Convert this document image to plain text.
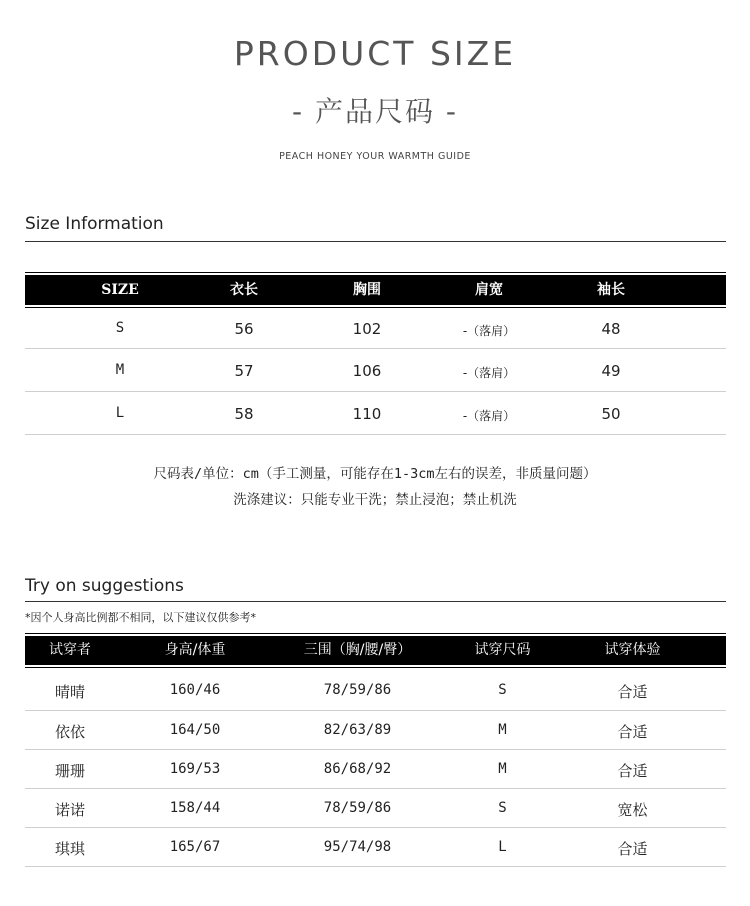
PRODUCT SIZE
- 产品尺码 -
PEACH HONEY YOUR WARMTH GUIDE
Size Information
SIZE	衣长	胸围	肩宽	袖长
S	56	102	-（落肩）	48
M	57	106	-（落肩）	49
L	58	110	-（落肩）	50
尺码表/单位：cm（手工测量，可能存在1-3cm左右的误差，非质量问题）
洗涤建议：只能专业干洗；禁止浸泡；禁止机洗
Try on suggestions
*因个人身高比例都不相同，以下建议仅供参考*
试穿者	身高/体重	三围（胸/腰/臀）	试穿尺码	试穿体验
晴晴	160/46	78/59/86	S	合适
依依	164/50	82/63/89	M	合适
珊珊	169/53	86/68/92	M	合适
诺诺	158/44	78/59/86	S	宽松
琪琪	165/67	95/74/98	L	合适
